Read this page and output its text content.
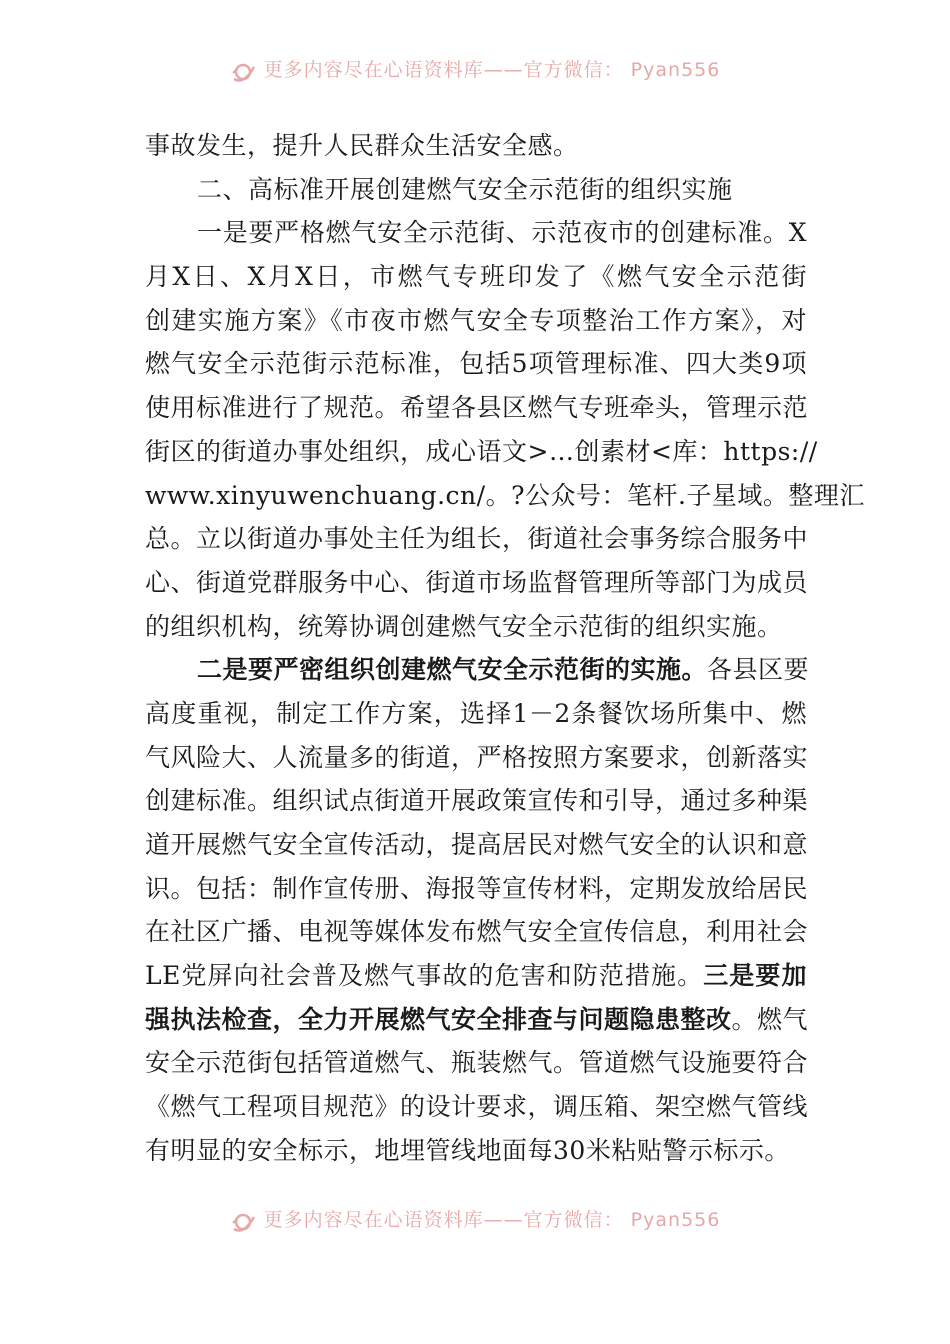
更多内容尽在心语资料库——官方微信： Pyan556
事故发生，提升人民群众生活安全感。
二、高标准开展创建燃气安全示范街的组织实施
一是要严格燃气安全示范街、示范夜市的创建标准。X
月X日、X月X日，市燃气专班印发了《燃气安全示范街
创建实施方案》《市夜市燃气安全专项整治工作方案》，对
燃气安全示范街示范标准，包括5项管理标准、四大类9项
使用标准进行了规范。希望各县区燃气专班牵头，管理示范
街区的街道办事处组织，成心语文>…创素材<库：https://
www.xinyuwenchuang.cn/。?公众号：笔杆.子星域。整理汇
总。立以街道办事处主任为组长，街道社会事务综合服务中
心、街道党群服务中心、街道市场监督管理所等部门为成员
的组织机构，统筹协调创建燃气安全示范街的组织实施。
二是要严密组织创建燃气安全示范街的实施。各县区要
高度重视，制定工作方案，选择1－2条餐饮场所集中、燃
气风险大、人流量多的街道，严格按照方案要求，创新落实
创建标准。组织试点街道开展政策宣传和引导，通过多种渠
道开展燃气安全宣传活动，提高居民对燃气安全的认识和意
识。包括：制作宣传册、海报等宣传材料，定期发放给居民
在社区广播、电视等媒体发布燃气安全宣传信息，利用社会
LE党屏向社会普及燃气事故的危害和防范措施。三是要加
强执法检查，全力开展燃气安全排查与问题隐患整改。燃气
安全示范街包括管道燃气、瓶装燃气。管道燃气设施要符合
《燃气工程项目规范》的设计要求，调压箱、架空燃气管线
有明显的安全标示，地埋管线地面每30米粘贴警示标示。
更多内容尽在心语资料库——官方微信： Pyan556
